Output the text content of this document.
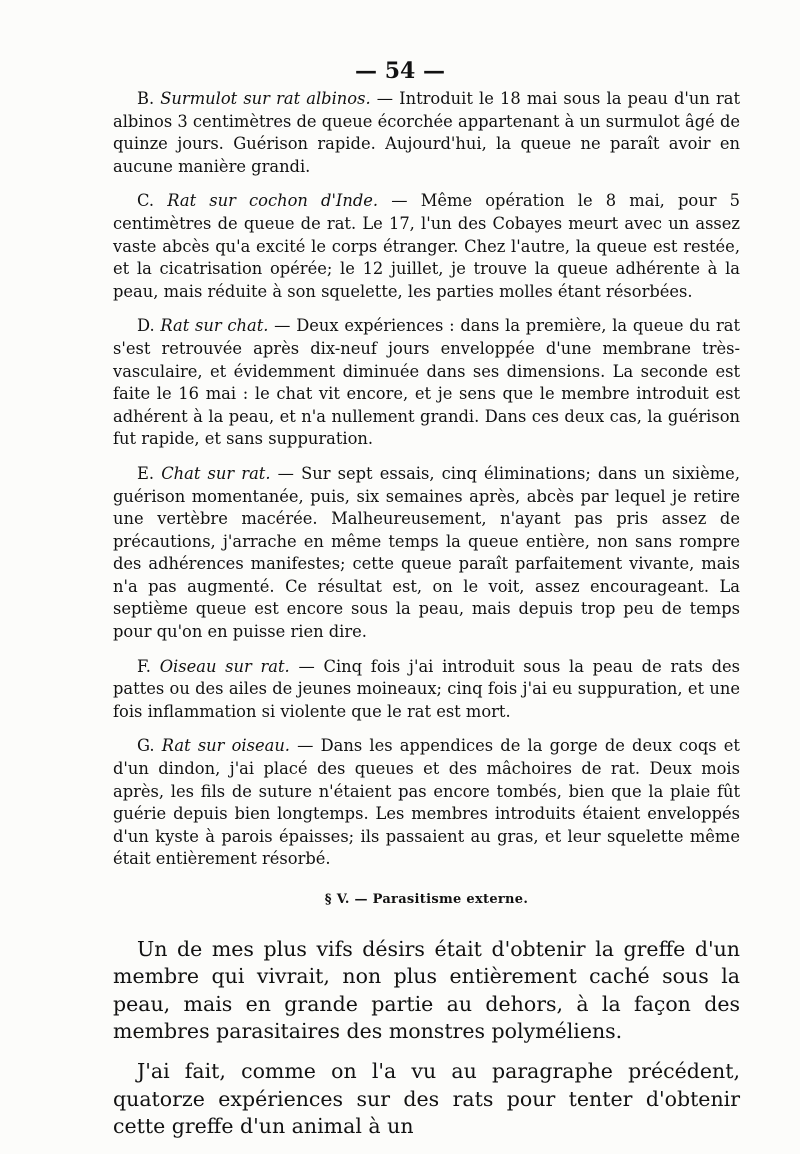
— 54 —

B. Surmulot sur rat albinos. — Introduit le 18 mai sous la peau d'un rat albinos 3 centimètres de queue écorchée appartenant à un surmulot âgé de quinze jours. Guérison rapide. Aujourd'hui, la queue ne paraît avoir en aucune manière grandi.

C. Rat sur cochon d'Inde. — Même opération le 8 mai, pour 5 centimètres de queue de rat. Le 17, l'un des Cobayes meurt avec un assez vaste abcès qu'a excité le corps étranger. Chez l'autre, la queue est restée, et la cicatrisation opérée; le 12 juillet, je trouve la queue adhérente à la peau, mais réduite à son squelette, les parties molles étant résorbées.

D. Rat sur chat. — Deux expériences : dans la première, la queue du rat s'est retrouvée après dix-neuf jours enveloppée d'une membrane très-vasculaire, et évidemment diminuée dans ses dimensions. La seconde est faite le 16 mai : le chat vit encore, et je sens que le membre introduit est adhérent à la peau, et n'a nullement grandi. Dans ces deux cas, la guérison fut rapide, et sans suppuration.

E. Chat sur rat. — Sur sept essais, cinq éliminations; dans un sixième, guérison momentanée, puis, six semaines après, abcès par lequel je retire une vertèbre macérée. Malheureusement, n'ayant pas pris assez de précautions, j'arrache en même temps la queue entière, non sans rompre des adhérences manifestes; cette queue paraît parfaitement vivante, mais n'a pas augmenté. Ce résultat est, on le voit, assez encourageant. La septième queue est encore sous la peau, mais depuis trop peu de temps pour qu'on en puisse rien dire.

F. Oiseau sur rat. — Cinq fois j'ai introduit sous la peau de rats des pattes ou des ailes de jeunes moineaux; cinq fois j'ai eu suppuration, et une fois inflammation si violente que le rat est mort.

G. Rat sur oiseau. — Dans les appendices de la gorge de deux coqs et d'un dindon, j'ai placé des queues et des mâchoires de rat. Deux mois après, les fils de suture n'étaient pas encore tombés, bien que la plaie fût guérie depuis bien longtemps. Les membres introduits étaient enveloppés d'un kyste à parois épaisses; ils passaient au gras, et leur squelette même était entièrement résorbé.

§ V. — Parasitisme externe.

Un de mes plus vifs désirs était d'obtenir la greffe d'un membre qui vivrait, non plus entièrement caché sous la peau, mais en grande partie au dehors, à la façon des membres parasitaires des monstres polyméliens.

J'ai fait, comme on l'a vu au paragraphe précédent, quatorze expériences sur des rats pour tenter d'obtenir cette greffe d'un animal à un
